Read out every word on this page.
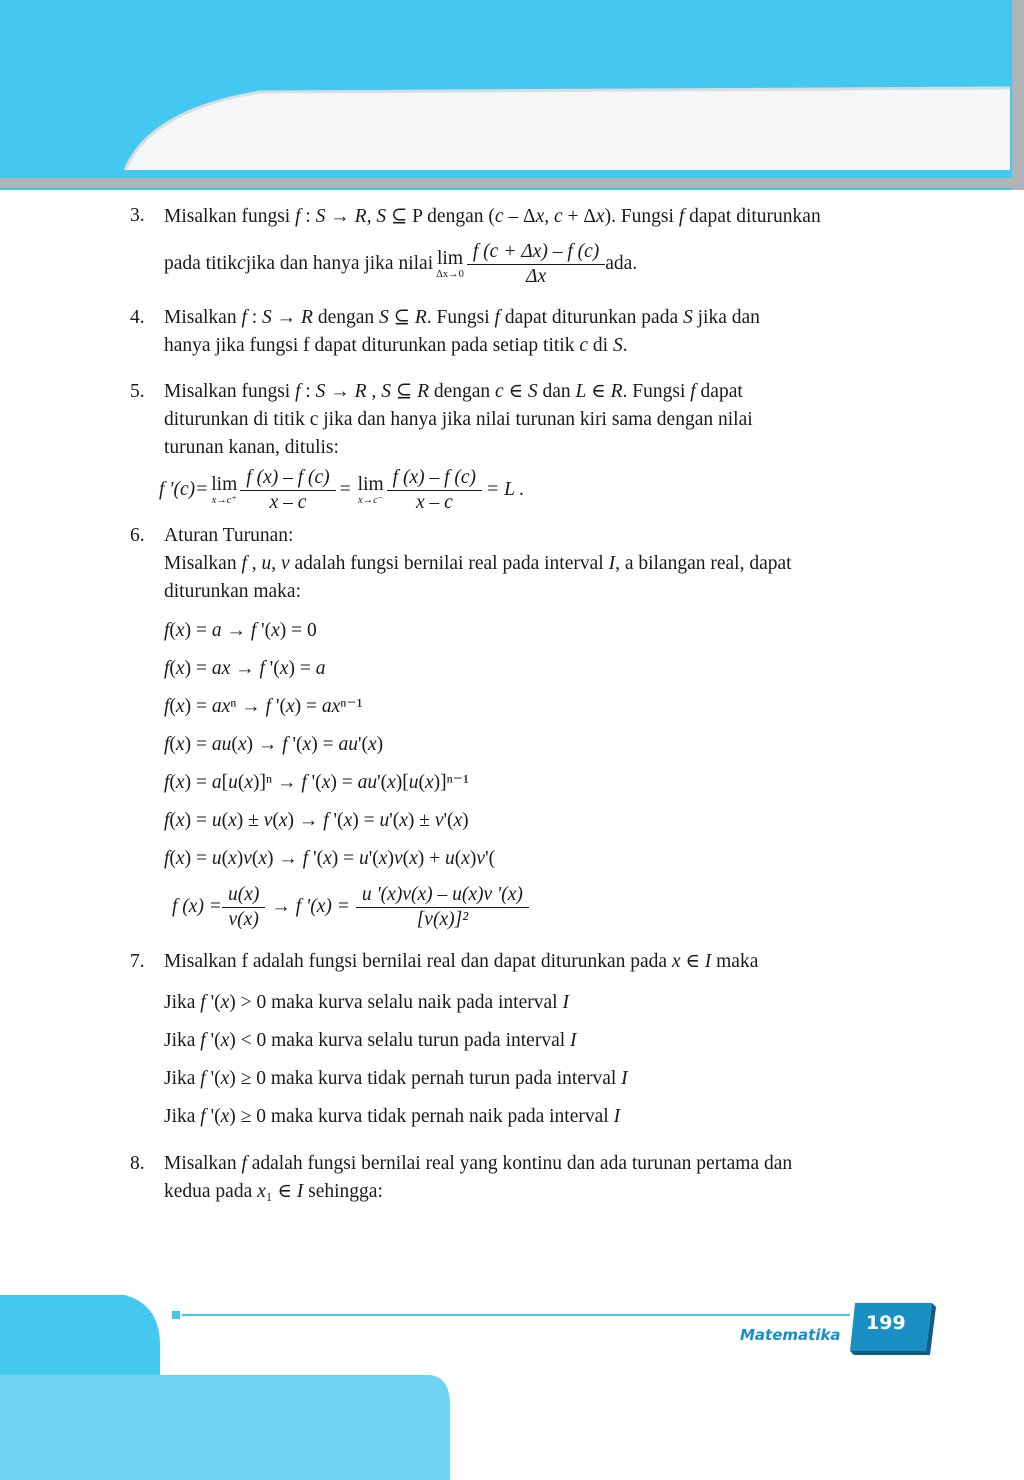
3. Misalkan fungsi f : S → R, S ⊆ P dengan (c – Δx, c + Δx). Fungsi f dapat diturunkan
pada titik c jika dan hanya jika nilai lim
$\Delta x\to 0 \frac{f (c + \Delta x) - f (c)}{\Delta x}$ ada.
4. Misalkan f : S → R dengan S ⊆ R. Fungsi f dapat diturunkan pada S jika dan
hanya jika fungsi f dapat diturunkan pada setiap titik c di S.
5. Misalkan fungsi f : S → R , S ⊆ R dengan c ∈ S dan L ∈ R. Fungsi f dapat
diturunkan di titik c jika dan hanya jika nilai turunan kiri sama dengan nilai
turunan kanan, ditulis:
f '(c)= lim
$x\to c^+ \frac{f (x) - f (c)}{x - c} = \lim$
$x\to c^- \frac{f (x) - f (c)}{x - c} = L$ .
6. Aturan Turunan:
Misalkan f , u, v adalah fungsi bernilai real pada interval I, a bilangan real, dapat
diturunkan maka:
f(x) = a → f '(x) = 0
f(x) = ax → f '(x) = a
f(x) = axⁿ → f '(x) = axⁿ⁻¹
f(x) = au(x) → f '(x) = au'(x)
f(x) = a[u(x)]ⁿ → f '(x) = au'(x)[u(x)]ⁿ⁻¹
f(x) = u(x) ± v(x) → f '(x) = u'(x) ± v'(x)
f(x) = u(x)v(x) → f '(x) = u'(x)v(x) + u(x)v'(
f $(x) = \frac{u(x)}{v(x)} \to f$ '$(x) = \frac{u '(x)v(x) - u(x)v '(x)}{\text{[v(x)]²}}$
7. Misalkan f adalah fungsi bernilai real dan dapat diturunkan pada x ∈ I maka
Jika f '(x) > 0 maka kurva selalu naik pada interval I
Jika f '(x) < 0 maka kurva selalu turun pada interval I
Jika f '(x) ≥ 0 maka kurva tidak pernah turun pada interval I
Jika f '(x) ≥ 0 maka kurva tidak pernah naik pada interval I
8. Misalkan f adalah fungsi bernilai real yang kontinu dan ada turunan pertama dan
kedua pada x₁ ∈ I sehingga:
Matematika
199
